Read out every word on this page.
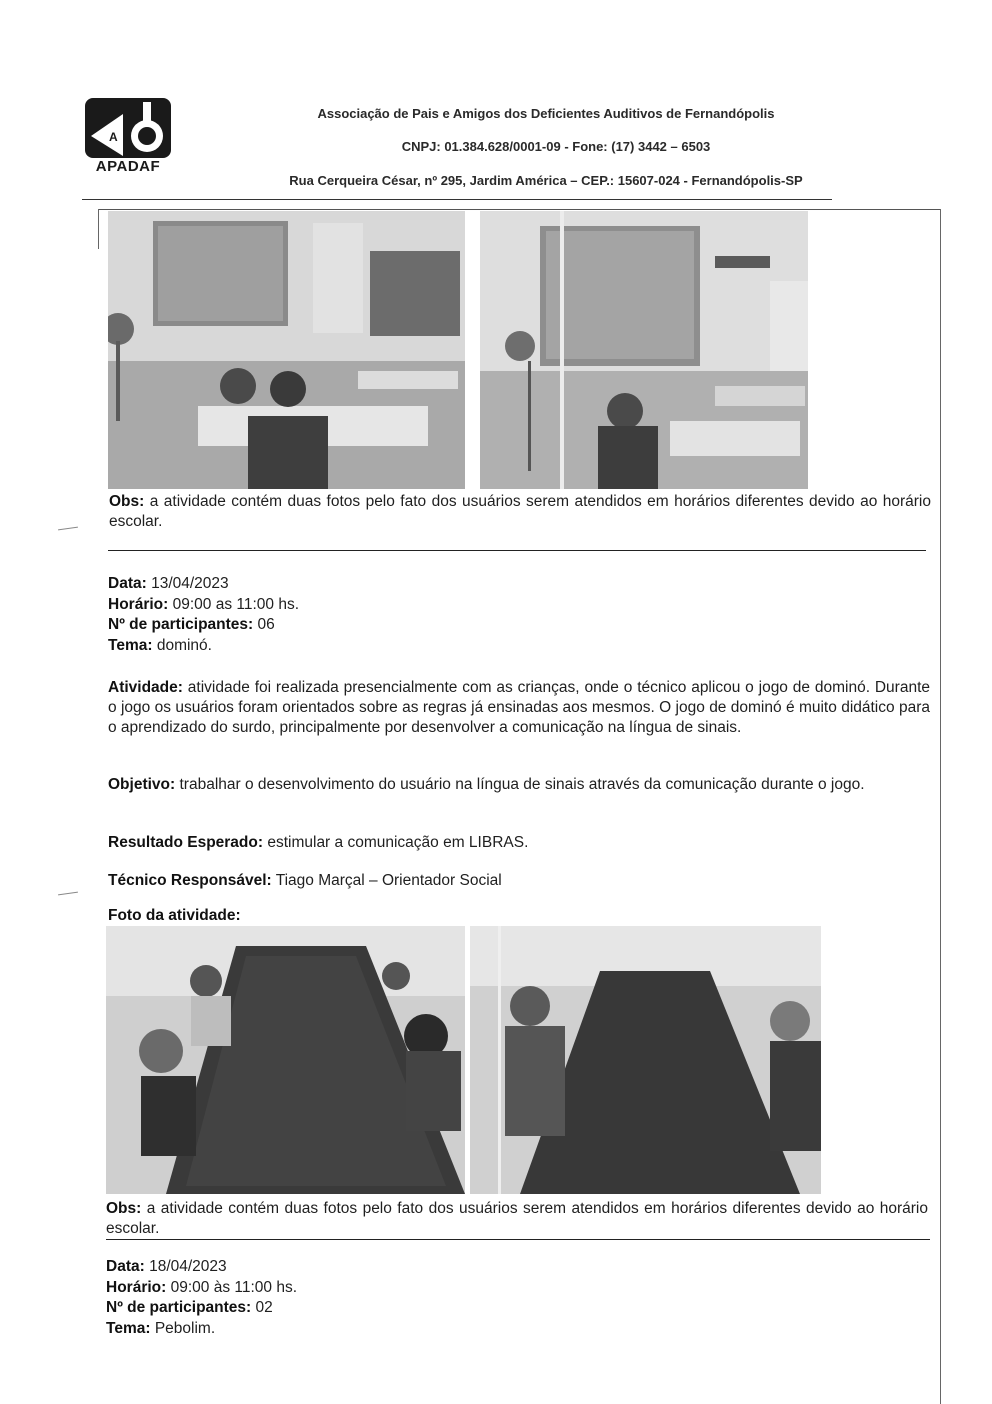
A
APADAF
Associação de Pais e Amigos dos Deficientes Auditivos de Fernandópolis
CNPJ: 01.384.628/0001-09 - Fone: (17) 3442 – 6503
Rua Cerqueira César, nº 295, Jardim América – CEP.: 15607-024 - Fernandópolis-SP
Obs: a atividade contém duas fotos pelo fato dos usuários serem atendidos em horários diferentes devido ao horário escolar.
Data: 13/04/2023
Horário: 09:00 as 11:00 hs.
Nº de participantes: 06
Tema: dominó.
Atividade: atividade foi realizada presencialmente com as crianças, onde o técnico aplicou o jogo de dominó. Durante o jogo os usuários foram orientados sobre as regras já ensinadas aos mesmos. O jogo de dominó é muito didático para o aprendizado do surdo, principalmente por desenvolver a comunicação na língua de sinais.
Objetivo: trabalhar o desenvolvimento do usuário na língua de sinais através da comunicação durante o jogo.
Resultado Esperado: estimular a comunicação em LIBRAS.
Técnico Responsável: Tiago Marçal – Orientador Social
Foto da atividade:
Obs: a atividade contém duas fotos pelo fato dos usuários serem atendidos em horários diferentes devido ao horário escolar.
Data: 18/04/2023
Horário: 09:00 às 11:00 hs.
Nº de participantes: 02
Tema: Pebolim.
